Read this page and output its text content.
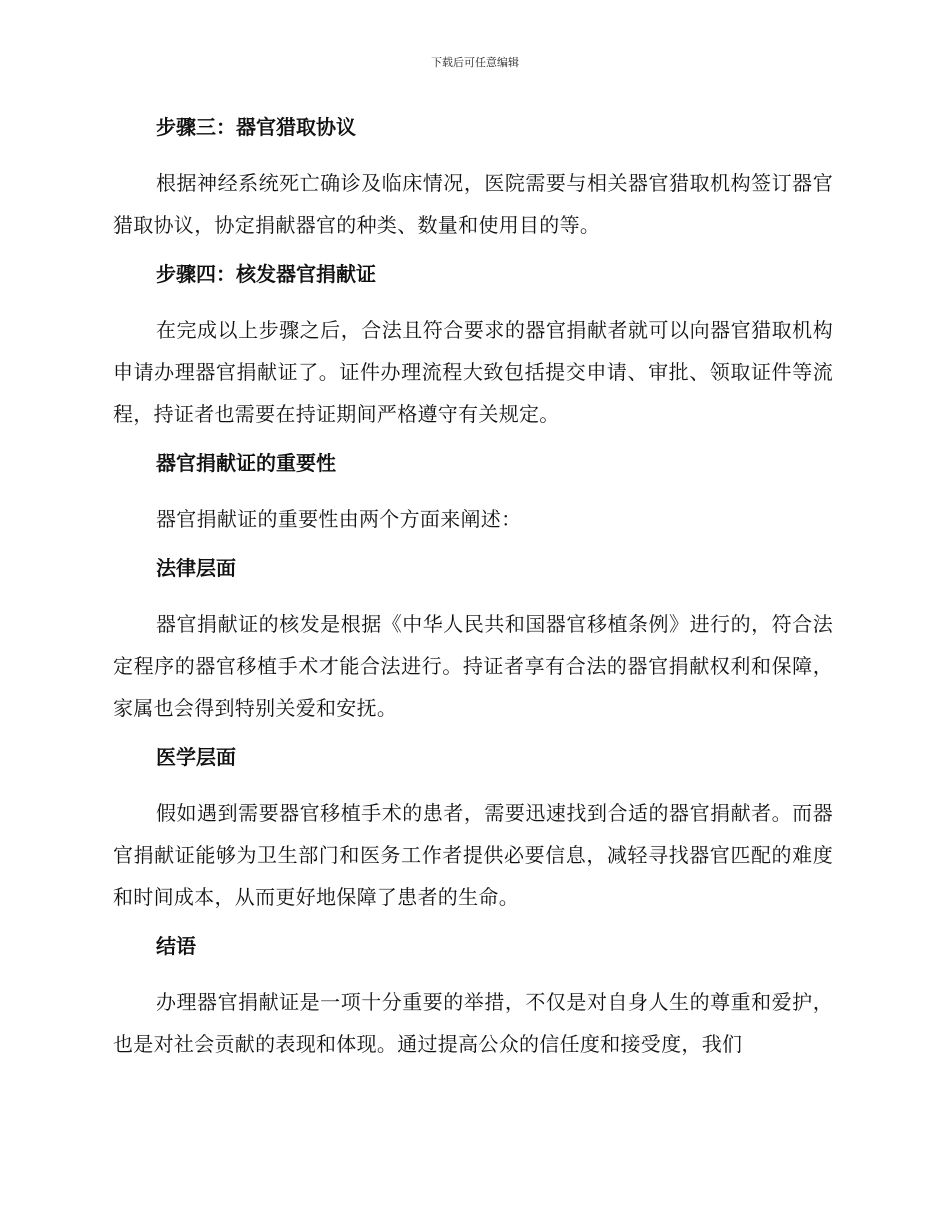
下载后可任意编辑
步骤三：器官猎取协议

根据神经系统死亡确诊及临床情况，医院需要与相关器官猎取机构签订器官猎取协议，协定捐献器官的种类、数量和使用目的等。

步骤四：核发器官捐献证

在完成以上步骤之后，合法且符合要求的器官捐献者就可以向器官猎取机构申请办理器官捐献证了。证件办理流程大致包括提交申请、审批、领取证件等流程，持证者也需要在持证期间严格遵守有关规定。

器官捐献证的重要性

器官捐献证的重要性由两个方面来阐述：

法律层面

器官捐献证的核发是根据《中华人民共和国器官移植条例》进行的，符合法定程序的器官移植手术才能合法进行。持证者享有合法的器官捐献权利和保障，家属也会得到特别关爱和安抚。

医学层面

假如遇到需要器官移植手术的患者，需要迅速找到合适的器官捐献者。而器官捐献证能够为卫生部门和医务工作者提供必要信息，减轻寻找器官匹配的难度和时间成本，从而更好地保障了患者的生命。

结语

办理器官捐献证是一项十分重要的举措，不仅是对自身人生的尊重和爱护，也是对社会贡献的表现和体现。通过提高公众的信任度和接受度，我们
